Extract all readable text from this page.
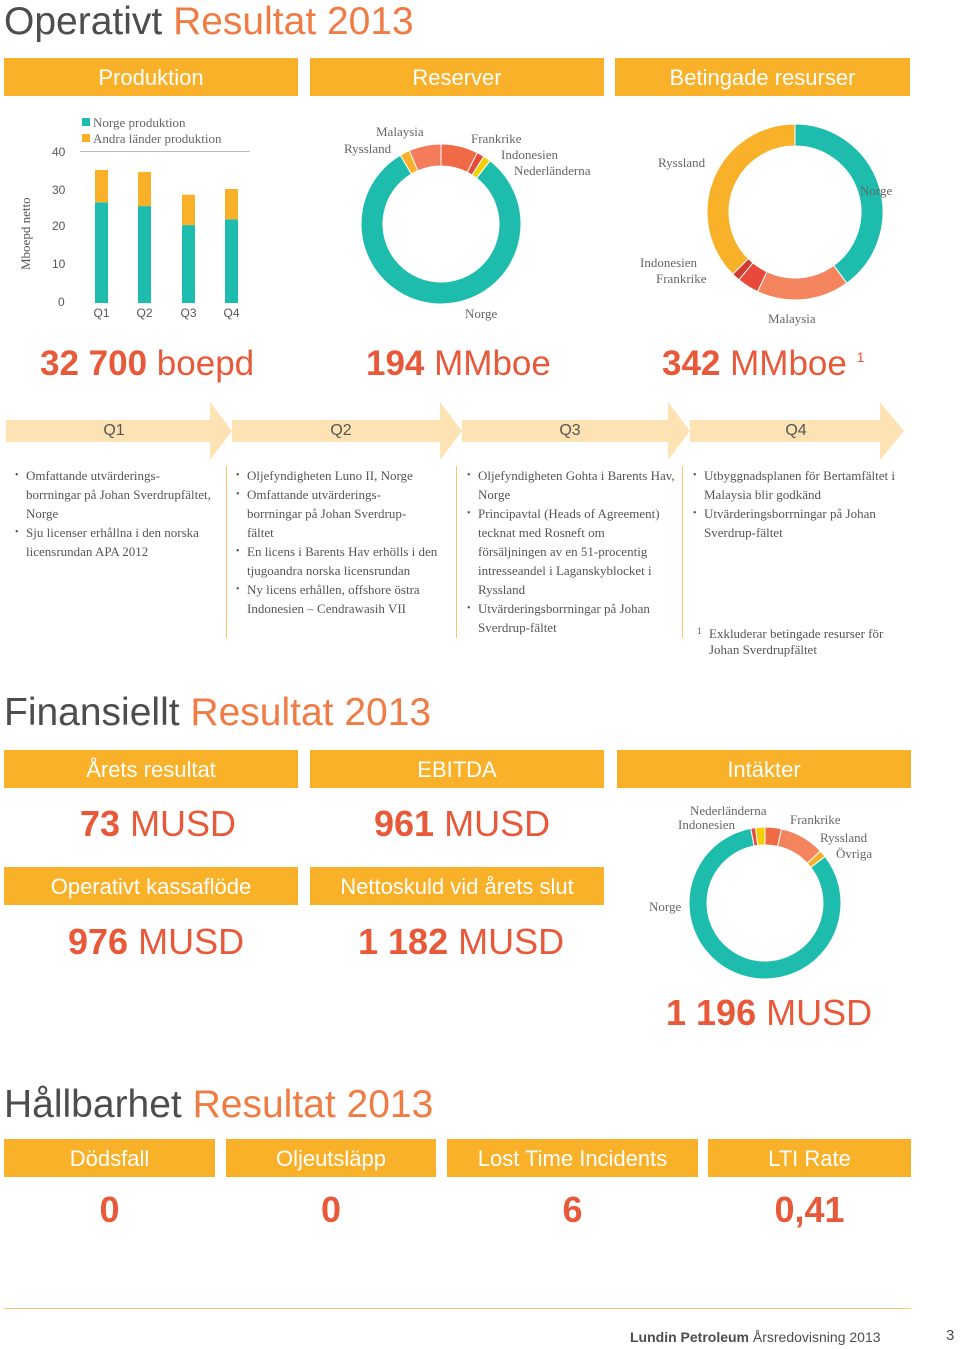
Operativt Resultat 2013
Produktion	Reserver	Betingade resurser
Mboepd netto
40
30
20
10
0
Norge produktion
Andra länder produktion
Q1 Q2 Q3 Q4
Malaysia
Ryssland
Frankrike
Indonesien
Nederländerna
Norge
Ryssland
Norge
Indonesien
Frankrike
Malaysia
32 700 boepd	194 MMboe	342 MMboe $^1$
Q1	Q2	Q3	Q4
• Omfattande utvärderings-
borrningar på Johan Sverdrupfältet, Norge
• Sju licenser erhållna i den norska licensrundan APA 2012
• Oljefyndigheten Luno II, Norge
• Omfattande utvärderings-
borrningar på Johan Sverdrup-
fältet
• En licens i Barents Hav erhölls i den tjugoandra norska licensrundan
• Ny licens erhållen, offshore östra Indonesien – Cendrawasih VII
• Oljefyndigheten Gohta i Barents Hav, Norge
• Principavtal (Heads of Agreement) tecknat med Rosneft om försäljningen av en 51-procentig intresseandel i Laganskyblocket i Ryssland
• Utvärderingsborrningar på Johan Sverdrup-fältet
• Utbyggnadsplanen för Bertamfältet i Malaysia blir godkänd
• Utvärderingsborrningar på Johan Sverdrup-fältet
1 Exkluderar betingade resurser för Johan Sverdrupfältet
Finansiellt Resultat 2013
Årets resultat	EBITDA	Intäkter
73 MUSD	961 MUSD
Operativt kassaflöde	Nettoskuld vid årets slut
976 MUSD	1 182 MUSD
Nederländerna
Indonesien	Frankrike
Ryssland
Övriga
Norge
1 196 MUSD
Hållbarhet Resultat 2013
Dödsfall	Oljeutsläpp	Lost Time Incidents	LTI Rate
0	0	6	0,41
Lundin Petroleum Årsredovisning 2013	3
